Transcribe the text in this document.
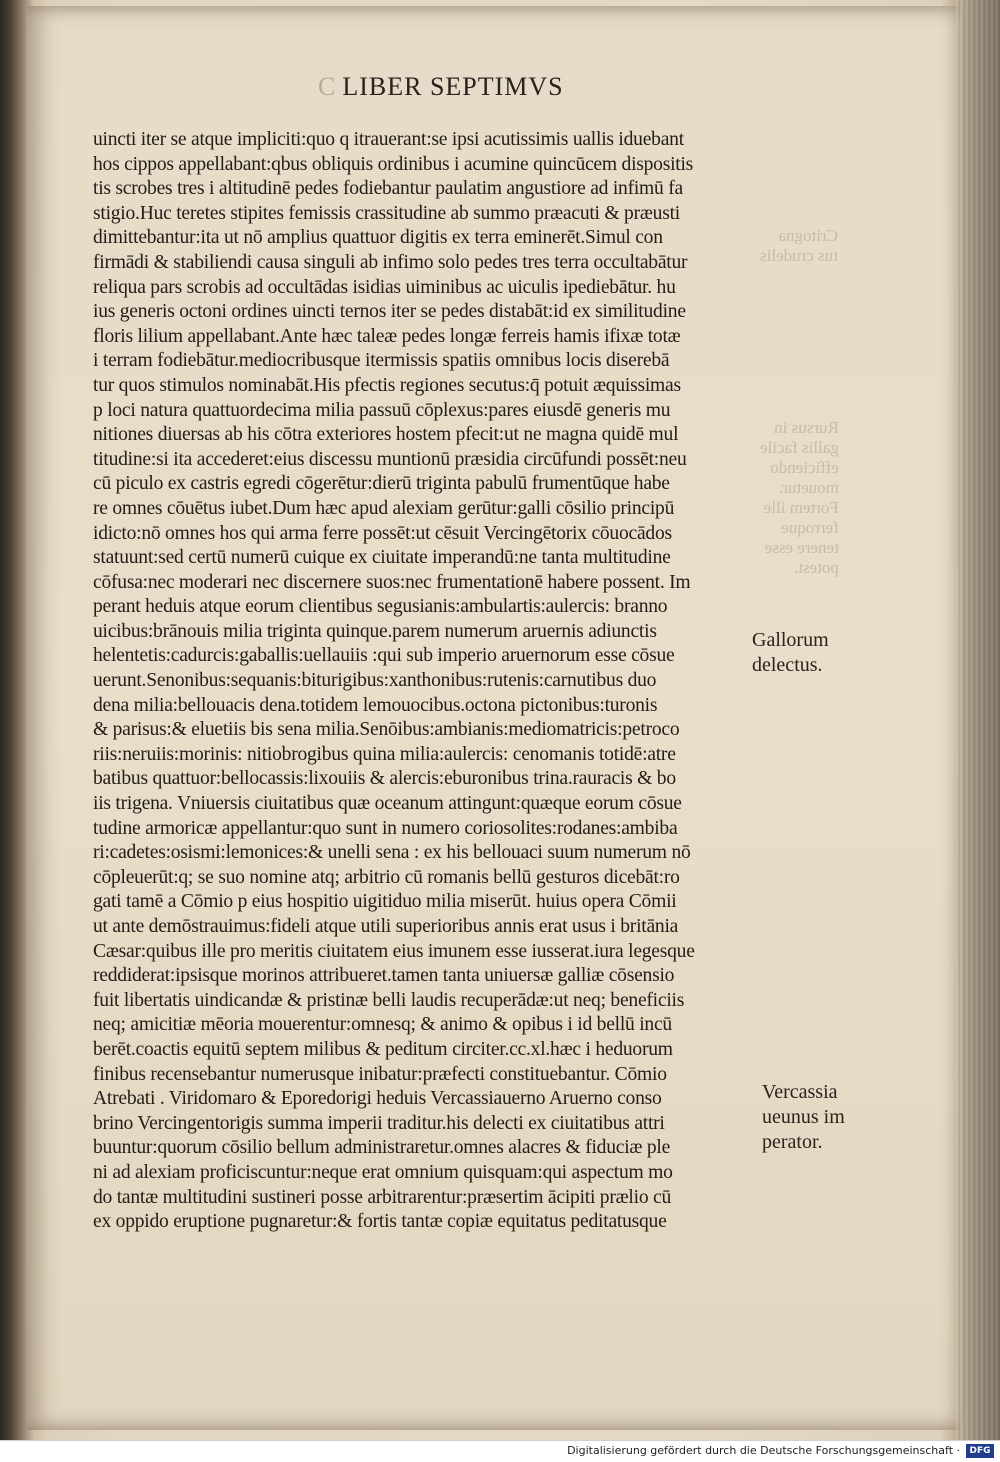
C LIBER SEPTIMVS
uincti iter se atque impliciti:quo q itrauerant:se ipsi acutissimis uallis iduebant
hos cippos appellabant:qbus obliquis ordinibus i acumine quincūcem dispositis
tis scrobes tres i altitudinē pedes fodiebantur paulatim angustiore ad infimū fa
stigio.Huc teretes stipites femissis crassitudine ab summo præacuti & præusti
dimittebantur:ita ut nō amplius quattuor digitis ex terra eminerēt.Simul con
firmādi & stabiliendi causa singuli ab infimo solo pedes tres terra occultabātur
reliqua pars scrobis ad occultādas isidias uiminibus ac uiculis ipediebātur. hu
ius generis octoni ordines uincti ternos iter se pedes distabāt:id ex similitudine
floris lilium appellabant.Ante hæc taleæ pedes longæ ferreis hamis ifixæ totæ
i terram fodiebātur.mediocribusque itermissis spatiis omnibus locis diserebā
tur quos stimulos nominabāt.His pfectis regiones secutus:q̄ potuit æquissimas
p loci natura quattuordecima milia passuū cōplexus:pares eiusdē generis mu
nitiones diuersas ab his cōtra exteriores hostem pfecit:ut ne magna quidē mul
titudine:si ita accederet:eius discessu muntionū præsidia circūfundi possēt:neu
cū piculo ex castris egredi cōgerētur:dierū triginta pabulū frumentūque habe
re omnes cōuētus iubet.Dum hæc apud alexiam gerūtur:galli cōsilio principū
idicto:nō omnes hos qui arma ferre possēt:ut cēsuit Vercingētorix cōuocādos
statuunt:sed certū numerū cuique ex ciuitate imperandū:ne tanta multitudine
cōfusa:nec moderari nec discernere suos:nec frumentationē habere possent. Im
perant heduis atque eorum clientibus segusianis:ambulartis:aulercis: branno
uicibus:brānouis milia triginta quinque.parem numerum aruernis adiunctis
helentetis:cadurcis:gaballis:uellauiis :qui sub imperio aruernorum esse cōsue
uerunt.Senonibus:sequanis:biturigibus:xanthonibus:rutenis:carnutibus duo
dena milia:bellouacis dena.totidem lemouocibus.octona pictonibus:turonis
& parisus:& eluetiis bis sena milia.Senōibus:ambianis:mediomatricis:petroco
riis:neruiis:morinis: nitiobrogibus quina milia:aulercis: cenomanis totidē:atre
batibus quattuor:bellocassis:lixouiis & alercis:eburonibus trina.rauracis & bo
iis trigena. Vniuersis ciuitatibus quæ oceanum attingunt:quæque eorum cōsue
tudine armoricæ appellantur:quo sunt in numero coriosolites:rodanes:ambiba
ri:cadetes:osismi:lemonices:& unelli sena : ex his bellouaci suum numerum nō
cōpleuerūt:q; se suo nomine atq; arbitrio cū romanis bellū gesturos dicebāt:ro
gati tamē a Cōmio p eius hospitio uigitiduo milia miserūt. huius opera Cōmii
ut ante demōstrauimus:fideli atque utili superioribus annis erat usus i britānia
Cæsar:quibus ille pro meritis ciuitatem eius imunem esse iusserat.iura legesque
reddiderat:ipsisque morinos attribueret.tamen tanta uniuersæ galliæ cōsensio
fuit libertatis uindicandæ & pristinæ belli laudis recuperādæ:ut neq; beneficiis
neq; amicitiæ mēoria mouerentur:omnesq; & animo & opibus i id bellū incū
berēt.coactis equitū septem milibus & peditum circiter.cc.xl.hæc i heduorum
finibus recensebantur numerusque inibatur:præfecti constituebantur. Cōmio
Atrebati . Viridomaro & Eporedorigi heduis Vercassiauerno Aruerno conso
brino Vercingentorigis summa imperii traditur.his delecti ex ciuitatibus attri
buuntur:quorum cōsilio bellum administraretur.omnes alacres & fiduciæ ple
ni ad alexiam proficiscuntur:neque erat omnium quisquam:qui aspectum mo
do tantæ multitudini sustineri posse arbitrarentur:præsertim ācipiti prælio cū
ex oppido eruptione pugnaretur:& fortis tantæ copiæ equitatus peditatusque
Critogna
tus crudelis
Rursus in
gallis facile
efficiendo
mouetur.
Fortem ille
ferroque
tenere esse
potest.
Gallorum
delectus.
Vercassia
ueunus im
perator.
Digitalisierung gefördert durch die Deutsche Forschungsgemeinschaft ·	DFG
